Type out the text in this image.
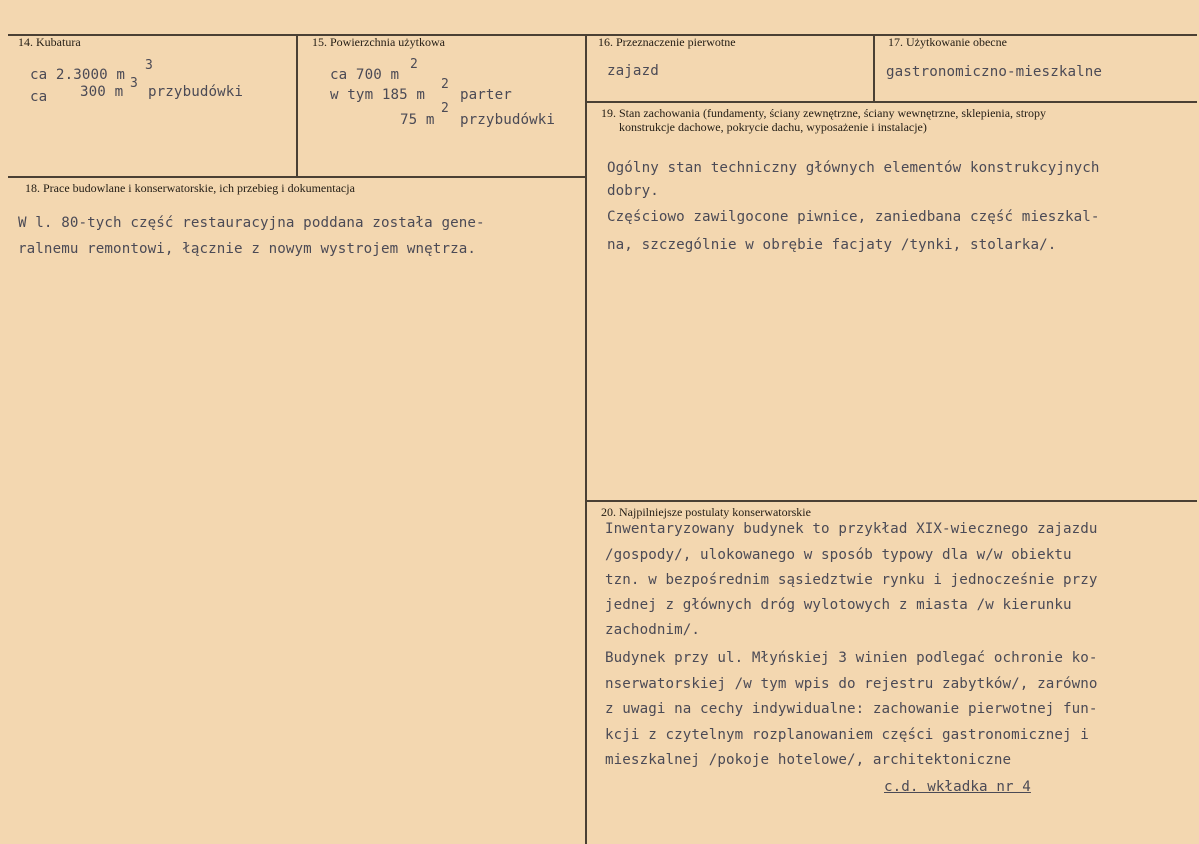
14. Kubatura
ca 2.3000 m
3
ca 300 m
3
przybudówki
15. Powierzchnia użytkowa
ca 700 m
2
w tym 185 m
2
parter
75 m
2
przybudówki
16. Przeznaczenie pierwotne
zajazd
17. Użytkowanie obecne
gastronomiczno-mieszkalne
18. Prace budowlane i konserwatorskie, ich przebieg i dokumentacja
W l. 80-tych część restauracyjna poddana została gene-
ralnemu remontowi, łącznie z nowym wystrojem wnętrza.
19. Stan zachowania (fundamenty, ściany zewnętrzne, ściany wewnętrzne, sklepienia, stropy
konstrukcje dachowe, pokrycie dachu, wyposażenie i instalacje)
Ogólny stan techniczny głównych elementów konstrukcyjnych
dobry.
Częściowo zawilgocone piwnice, zaniedbana część mieszkal-
na, szczególnie w obrębie facjaty /tynki, stolarka/.
20. Najpilniejsze postulaty konserwatorskie
Inwentaryzowany budynek to przykład XIX-wiecznego zajazdu
/gospody/, ulokowanego w sposób typowy dla w/w obiektu
tzn. w bezpośrednim sąsiedztwie rynku i jednocześnie przy
jednej z głównych dróg wylotowych z miasta /w kierunku
zachodnim/.
Budynek przy ul. Młyńskiej 3 winien podlegać ochronie ko-
nserwatorskiej /w tym wpis do rejestru zabytków/, zarówno
z uwagi na cechy indywidualne: zachowanie pierwotnej fun-
kcji z czytelnym rozplanowaniem części gastronomicznej i
mieszkalnej /pokoje hotelowe/, architektoniczne
c.d. wkładka nr 4
